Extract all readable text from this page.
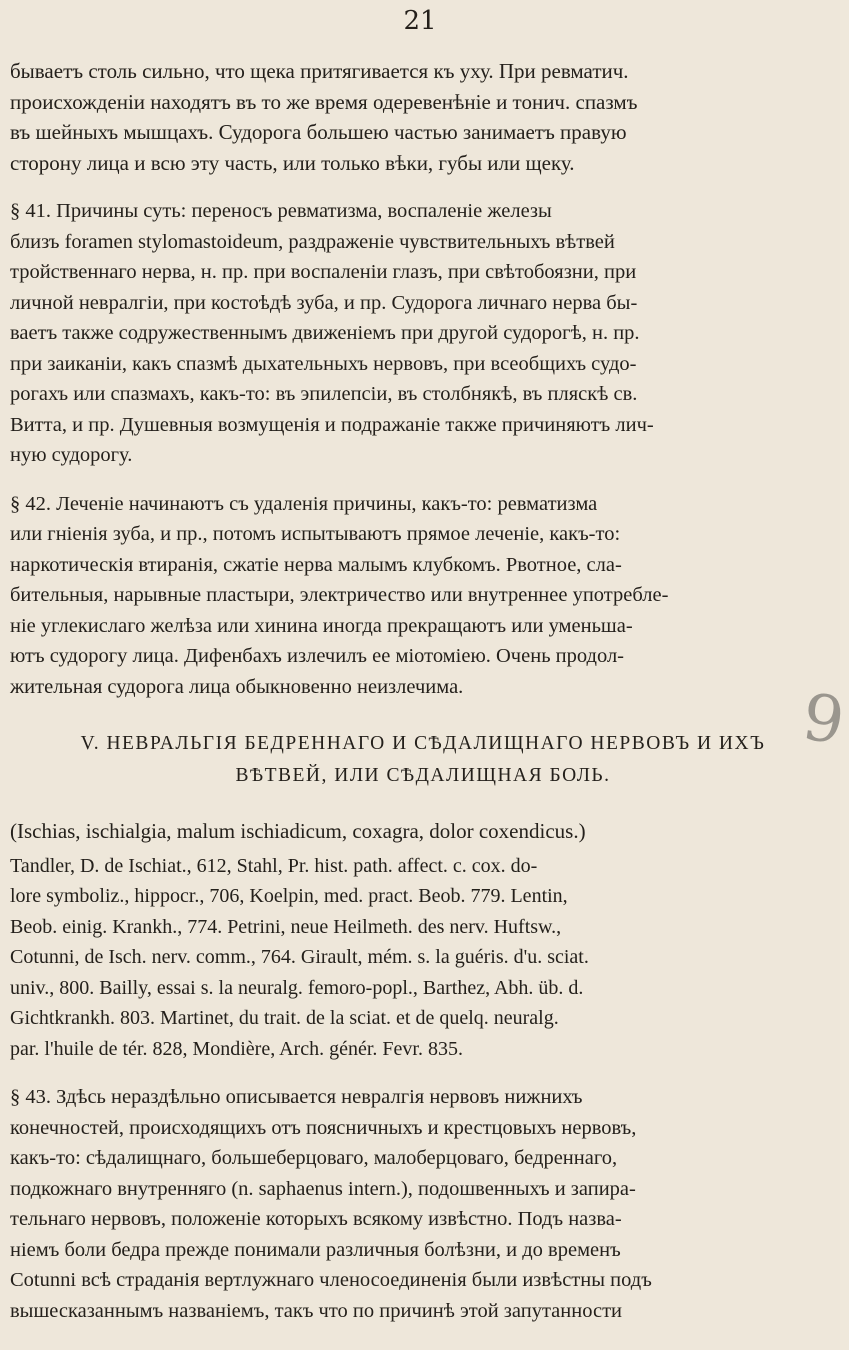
21
бываетъ столь сильно, что щека притягивается къ уху. При ревматич.
происхожденіи находятъ въ то же время одеревенѣніе и тонич. спазмъ
въ шейныхъ мышцахъ. Судорога большею частью занимаетъ правую
сторону лица и всю эту часть, или только вѣки, губы или щеку.
§ 41. Причины суть: переносъ ревматизма, воспаленіе железы
близъ foramen stylomastoideum, раздраженіе чувствительныхъ вѣтвей
тройственнаго нерва, н. пр. при воспаленіи глазъ, при свѣтобоязни, при
личной невралгіи, при костоѣдѣ зуба, и пр. Судорога личнаго нерва бы-
ваетъ также содружественнымъ движеніемъ при другой судорогѣ, н. пр.
при заиканіи, какъ спазмѣ дыхательныхъ нервовъ, при всеобщихъ судо-
рогахъ или спазмахъ, какъ-то: въ эпилепсіи, въ столбнякѣ, въ пляскѣ св.
Витта, и пр. Душевныя возмущенія и подражаніе также причиняютъ лич-
ную судорогу.
§ 42. Леченіе начинаютъ съ удаленія причины, какъ-то: ревматизма
или гніенія зуба, и пр., потомъ испытываютъ прямое леченіе, какъ-то:
наркотическія втиранія, сжатіе нерва малымъ клубкомъ. Рвотное, сла-
бительныя, нарывные пластыри, электричество или внутреннее употребле-
ніе углекислаго желѣза или хинина иногда прекращаютъ или уменьша-
ютъ судорогу лица. Дифенбахъ излечилъ ее міотоміею. Очень продол-
жительная судорога лица обыкновенно неизлечима.
V. НЕВРАЛЬГІЯ БЕДРЕННАГО И СѢДАЛИЩНАГО НЕРВОВЪ И ИХЪ
ВѢТВЕЙ, ИЛИ СѢДАЛИЩНАЯ БОЛЬ.
(Ischias, ischialgia, malum ischiadicum, coxagra, dolor coxendicus.)
Tandler, D. de Ischiat., 612, Stahl, Pr. hist. path. affect. c. cox. do-
lore symboliz., hippocr., 706, Koelpin, med. pract. Beob. 779. Lentin,
Beob. einig. Krankh., 774. Petrini, neue Heilmeth. des nerv. Huftsw.,
Cotunni, de Isch. nerv. comm., 764. Girault, mém. s. la guéris. d'u. sciat.
univ., 800. Bailly, essai s. la neuralg. femoro-popl., Barthez, Abh. üb. d.
Gichtkrankh. 803. Martinet, du trait. de la sciat. et de quelq. neuralg.
par. l'huile de tér. 828, Mondière, Arch. génér. Fevr. 835.
§ 43. Здѣсь нераздѣльно описывается невралгія нервовъ нижнихъ
конечностей, происходящихъ отъ поясничныхъ и крестцовыхъ нервовъ,
какъ-то: сѣдалищнаго, большеберцоваго, малоберцоваго, бедреннаго,
подкожнаго внутренняго (n. saphaenus intern.), подошвенныхъ и запира-
тельнаго нервовъ, положеніе которыхъ всякому извѣстно. Подъ назва-
ніемъ боли бедра прежде понимали различныя болѣзни, и до временъ
Cotunni всѣ страданія вертлужнаго членосоединенія были извѣстны подъ
вышесказаннымъ названіемъ, такъ что по причинѣ этой запутанности
9
